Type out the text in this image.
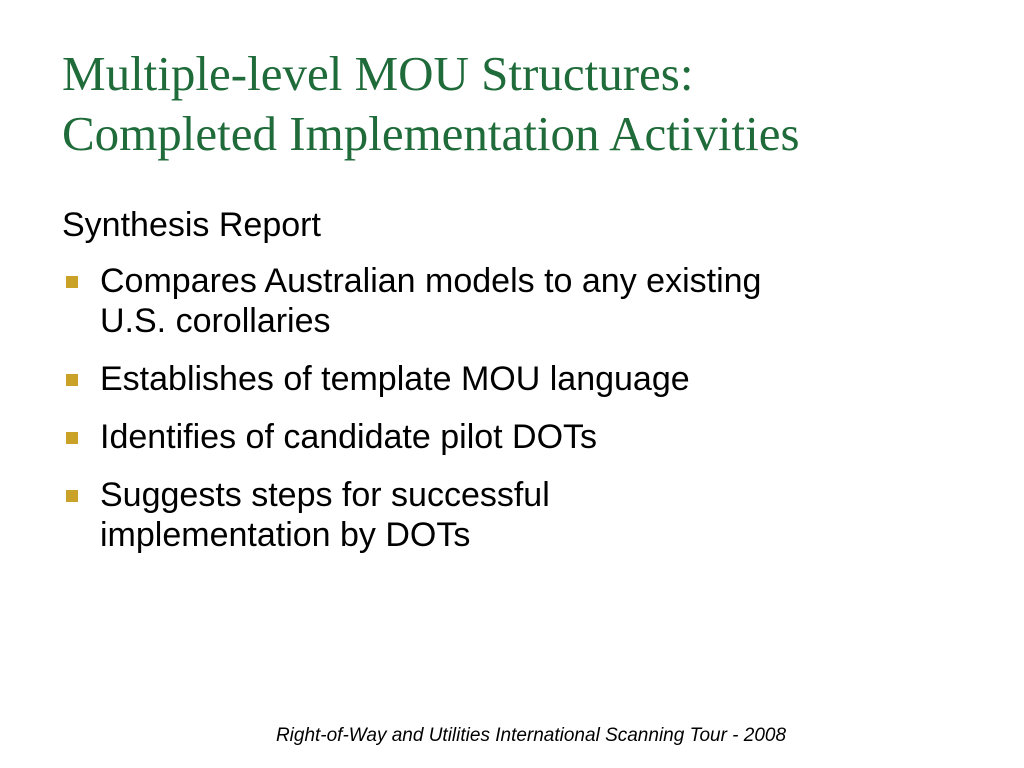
Multiple-level MOU Structures:
Completed Implementation Activities

Synthesis Report

Compares Australian models to any existing
U.S. corollaries
Establishes of template MOU language
Identifies of candidate pilot DOTs
Suggests steps for successful
implementation by DOTs
Right-of-Way and Utilities International Scanning Tour - 2008
